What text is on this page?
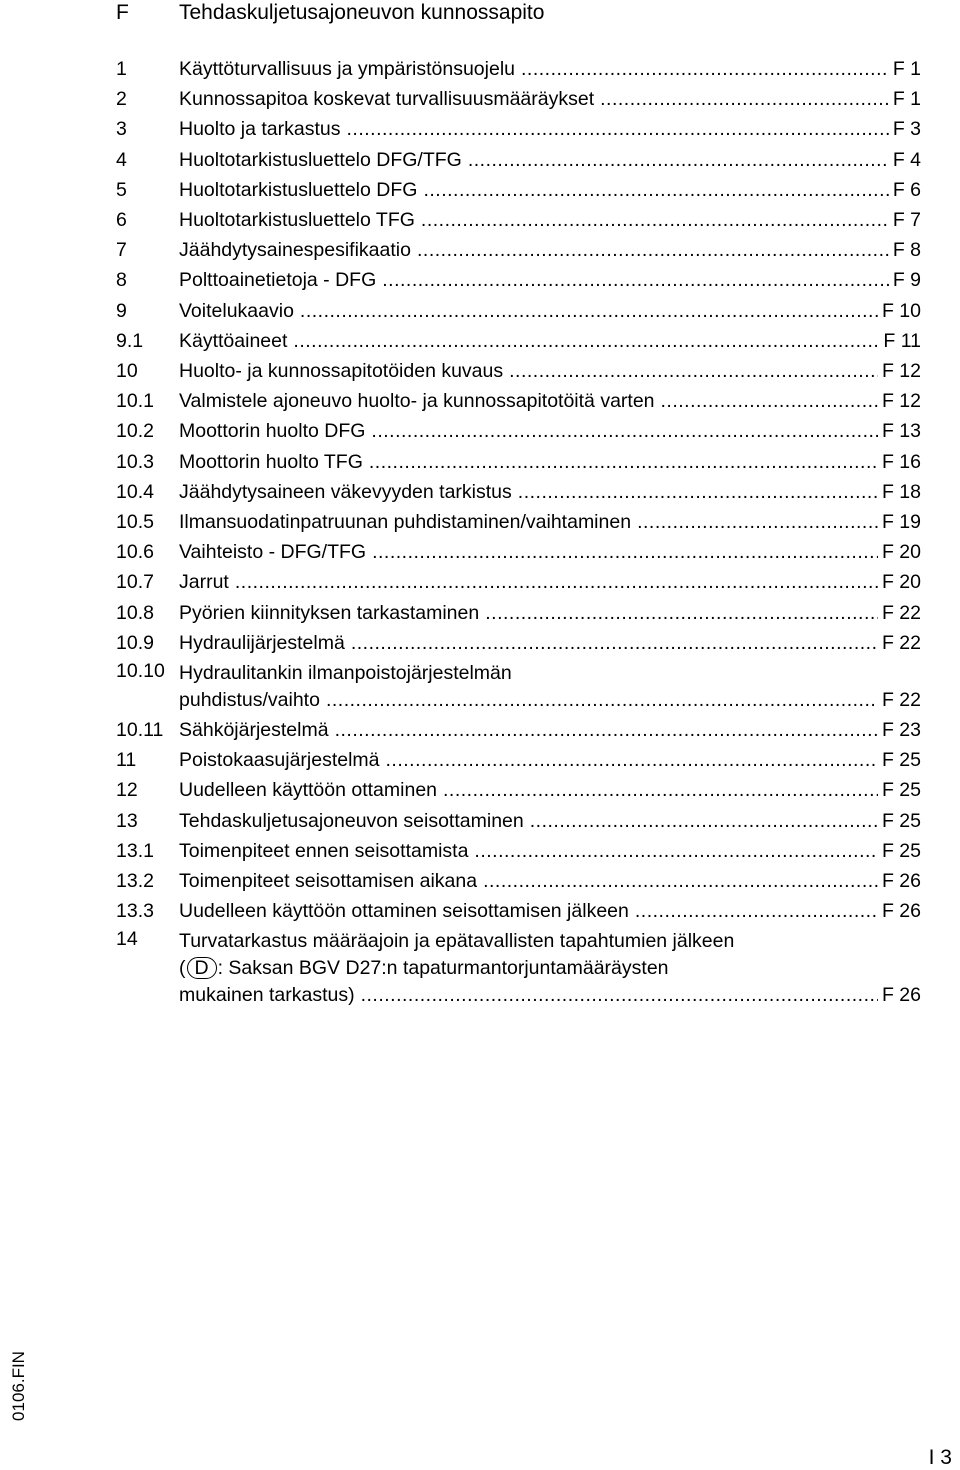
F Tehdaskuljetusajoneuvon kunnossapito
1	Käyttöturvallisuus ja ympäristönsuojelu .....	F 1
2	Kunnossapitoa koskevat turvallisuusmääräykset .....	F 1
3	Huolto ja tarkastus .....	F 3
4	Huoltotarkistusluettelo DFG/TFG .....	F 4
5	Huoltotarkistusluettelo DFG .....	F 6
6	Huoltotarkistusluettelo TFG .....	F 7
7	Jäähdytysainespesifikaatio .....	F 8
8	Polttoainetietoja - DFG .....	F 9
9	Voitelukaavio .....	F 10
9.1 Käyttöaineet .....	F 11
10 Huolto- ja kunnossapitotöiden kuvaus .....	F 12
10.1 Valmistele ajoneuvo huolto- ja kunnossapitotöitä varten .....	F 12
10.2 Moottorin huolto DFG .....	F 13
10.3 Moottorin huolto TFG .....	F 16
10.4 Jäähdytysaineen väkevyyden tarkistus .....	F 18
10.5 Ilmansuodatinpatruunan puhdistaminen/vaihtaminen .....	F 19
10.6 Vaihteisto - DFG/TFG .....	F 20
10.7 Jarrut .....	F 20
10.8 Pyörien kiinnityksen tarkastaminen .....	F 22
10.9 Hydraulijärjestelmä .....	F 22
10.10 Hydraulitankin ilmanpoistojärjestelmän
puhdistus/vaihto .....	F 22
10.11 Sähköjärjestelmä .....	F 23
11 Poistokaasujärjestelmä .....	F 25
12 Uudelleen käyttöön ottaminen .....	F 25
13 Tehdaskuljetusajoneuvon seisottaminen .....	F 25
13.1 Toimenpiteet ennen seisottamista .....	F 25
13.2 Toimenpiteet seisottamisen aikana .....	F 26
13.3 Uudelleen käyttöön ottaminen seisottamisen jälkeen .....	F 26
14 Turvatarkastus määräajoin ja epätavallisten tapahtumien jälkeen
( D : Saksan BGV D27:n tapaturmantorjuntamääräysten
mukainen tarkastus) .....	F 26
0106.FIN
I 3
